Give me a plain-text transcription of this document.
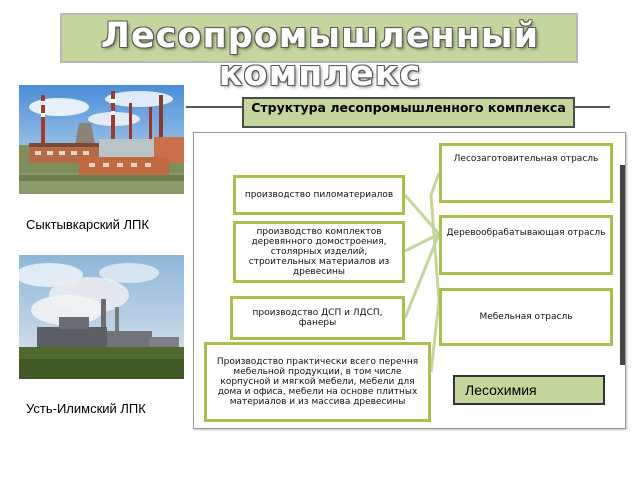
Лесопромышленный
комплекс
Сыктывкарский ЛПК
Усть-Илимский ЛПК
Структура лесопромышленного комплекса
производство пиломатериалов
производство комплектов деревянного домостроения, столярных изделий, строительных материалов из древесины
производство ДСП и ЛДСП, фанеры
Производство практически всего перечня мебельной продукции, в том числе корпусной и мягкой мебели, мебели для дома и офиса, мебели на основе плитных материалов и из массива древесины
Лесозаготовительная отрасль
Деревообрабатывающая отрасль
Мебельная отрасль
Лесохимия
